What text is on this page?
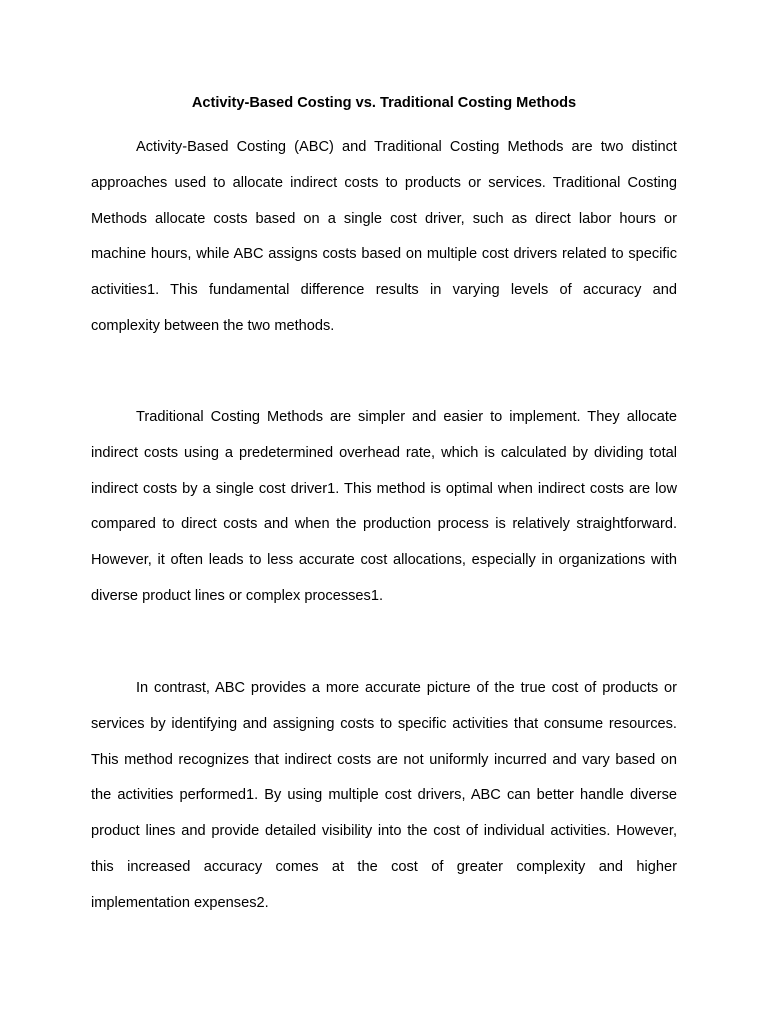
Activity-Based Costing vs. Traditional Costing Methods

Activity-Based Costing (ABC) and Traditional Costing Methods are two distinct approaches used to allocate indirect costs to products or services. Traditional Costing Methods allocate costs based on a single cost driver, such as direct labor hours or machine hours, while ABC assigns costs based on multiple cost drivers related to specific activities1. This fundamental difference results in varying levels of accuracy and complexity between the two methods.

Traditional Costing Methods are simpler and easier to implement. They allocate indirect costs using a predetermined overhead rate, which is calculated by dividing total indirect costs by a single cost driver1. This method is optimal when indirect costs are low compared to direct costs and when the production process is relatively straightforward. However, it often leads to less accurate cost allocations, especially in organizations with diverse product lines or complex processes1.

In contrast, ABC provides a more accurate picture of the true cost of products or services by identifying and assigning costs to specific activities that consume resources. This method recognizes that indirect costs are not uniformly incurred and vary based on the activities performed1. By using multiple cost drivers, ABC can better handle diverse product lines and provide detailed visibility into the cost of individual activities. However, this increased accuracy comes at the cost of greater complexity and higher implementation expenses2.
